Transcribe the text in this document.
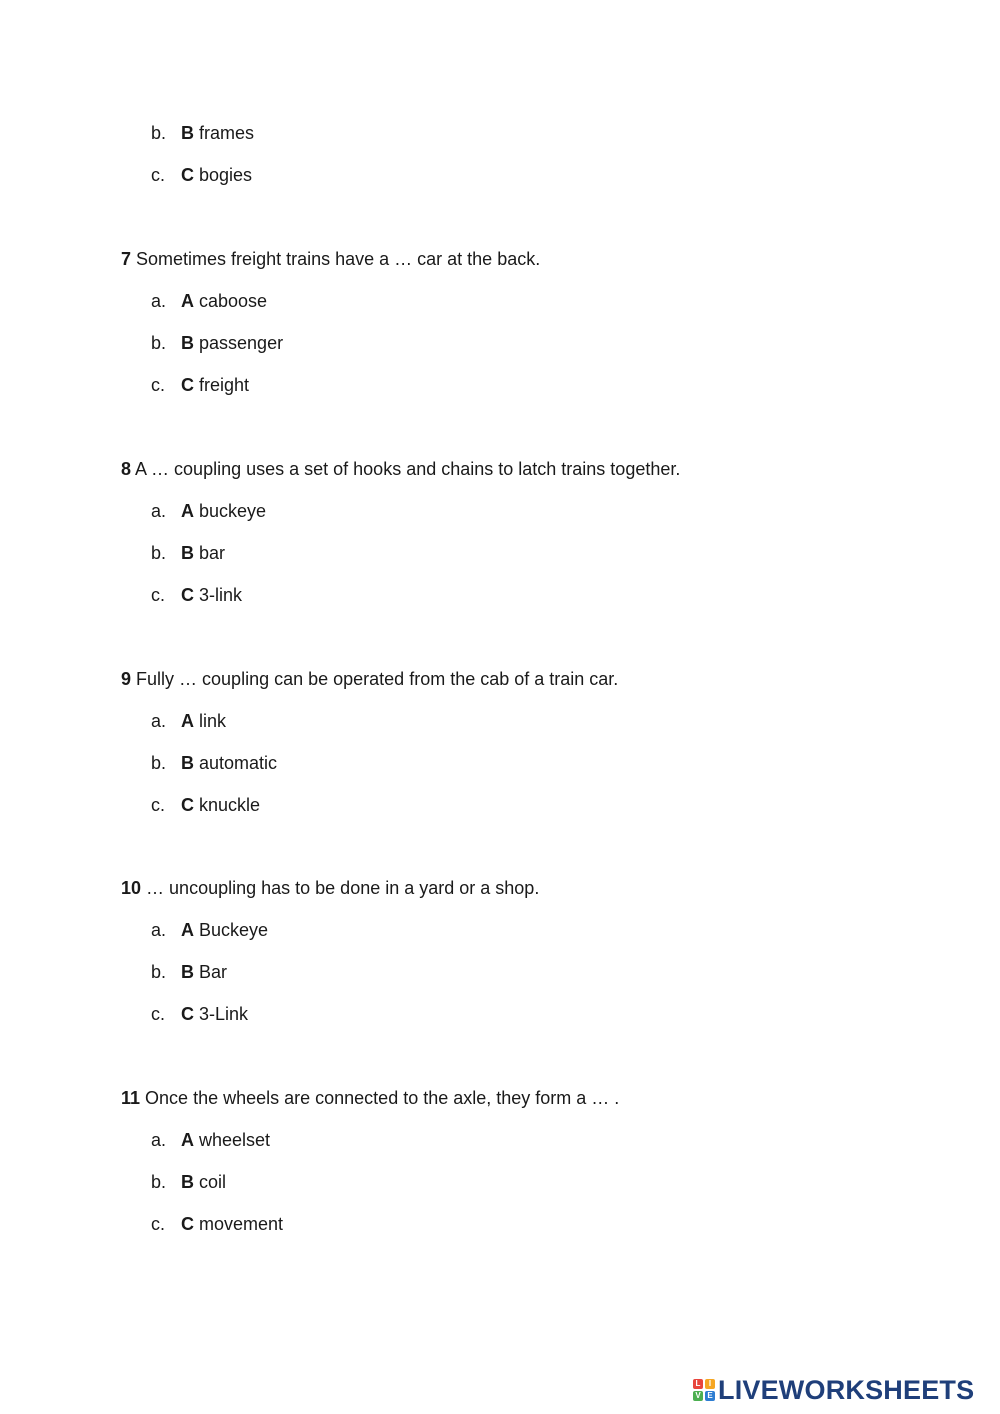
b. B frames
c. C bogies
7 Sometimes freight trains have a … car at the back.
a. A caboose
b. B passenger
c. C freight
8 A … coupling uses a set of hooks and chains to latch trains together.
a. A buckeye
b. B bar
c. C 3-link
9 Fully … coupling can be operated from the cab of a train car.
a. A link
b. B automatic
c. C knuckle
10 … uncoupling has to be done in a yard or a shop.
a. A Buckeye
b. B Bar
c. C 3-Link
11 Once the wheels are connected to the axle, they form a … .
a. A wheelset
b. B coil
c. C movement
L	I
V E LIVEWORKSHEETS
